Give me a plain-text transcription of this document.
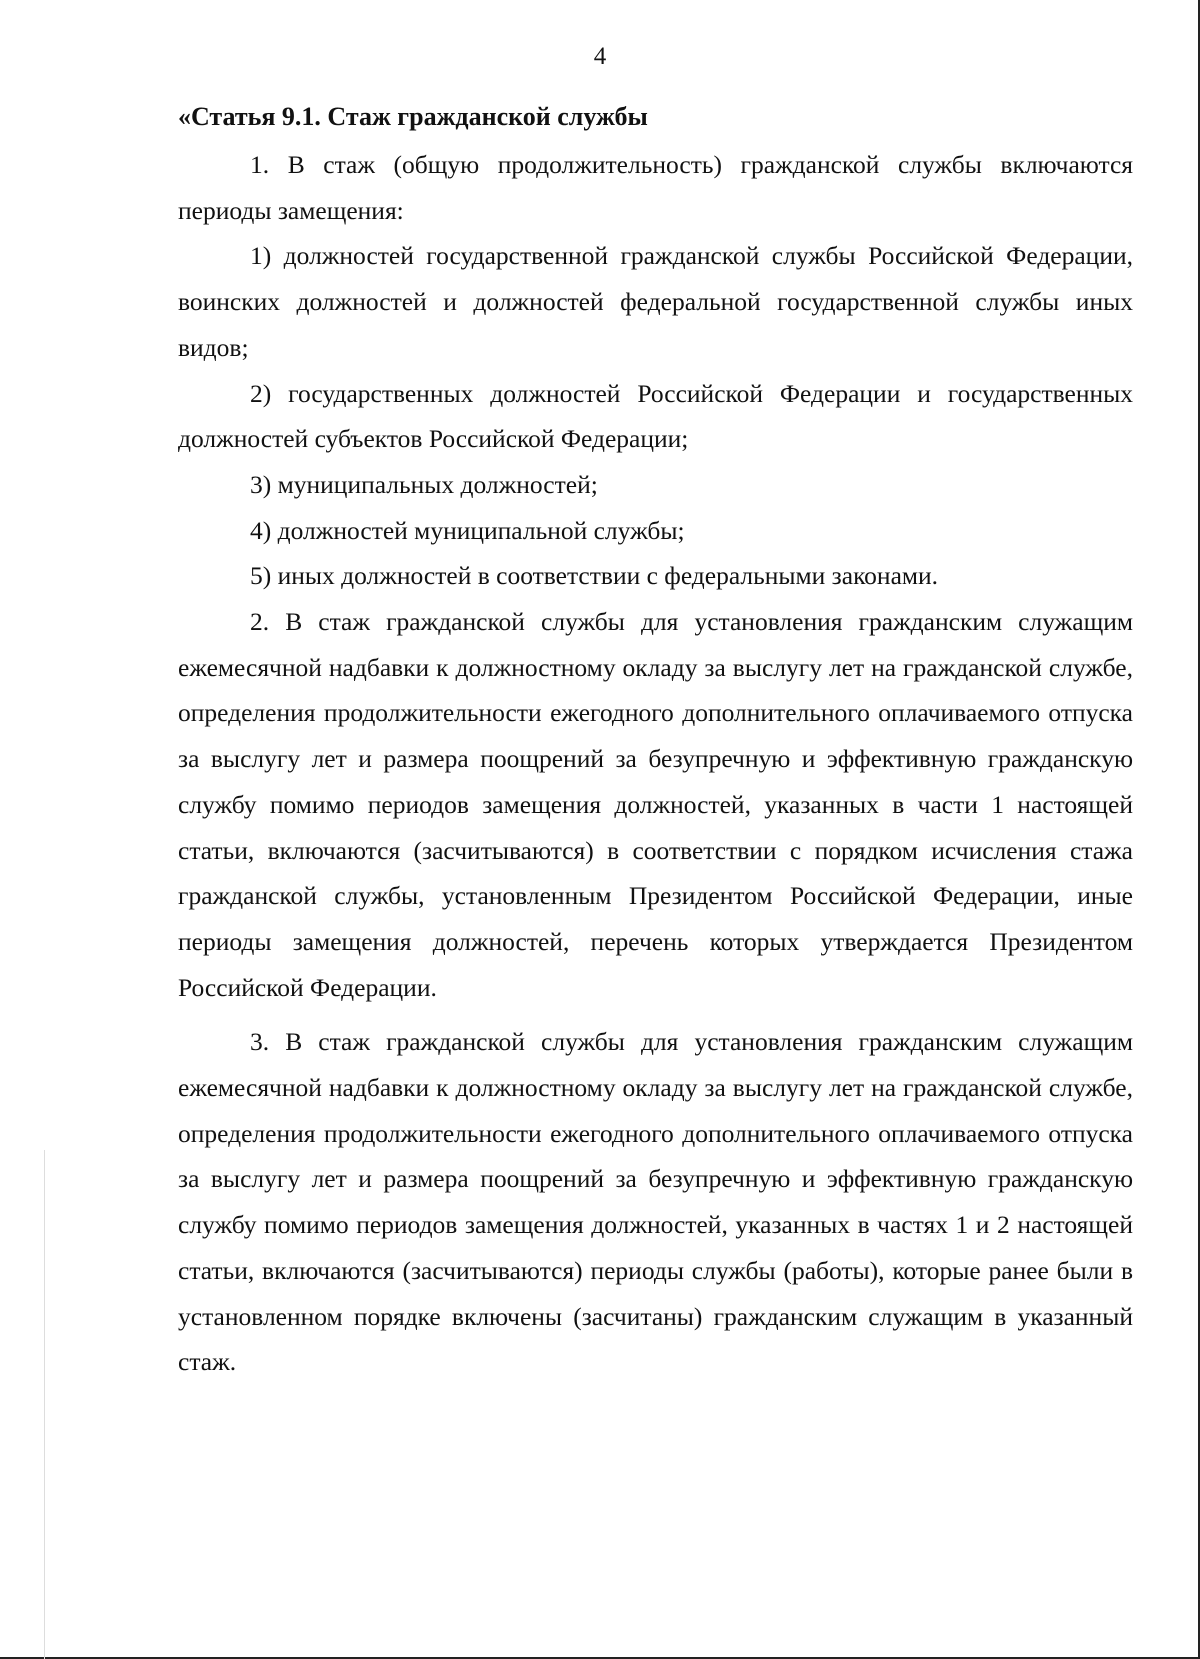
4

«Статья 9.1. Стаж гражданской службы

1. В стаж (общую продолжительность) гражданской службы включаются периоды замещения:

1) должностей государственной гражданской службы Российской Федерации, воинских должностей и должностей федеральной государственной службы иных видов;

2) государственных должностей Российской Федерации и государственных должностей субъектов Российской Федерации;

3) муниципальных должностей;

4) должностей муниципальной службы;

5) иных должностей в соответствии с федеральными законами.

2. В стаж гражданской службы для установления гражданским служащим ежемесячной надбавки к должностному окладу за выслугу лет на гражданской службе, определения продолжительности ежегодного дополнительного оплачиваемого отпуска за выслугу лет и размера поощрений за безупречную и эффективную гражданскую службу помимо периодов замещения должностей, указанных в части 1 настоящей статьи, включаются (засчитываются) в соответствии с порядком исчисления стажа гражданской службы, установленным Президентом Российской Федерации, иные периоды замещения должностей, перечень которых утверждается Президентом Российской Федерации.

3. В стаж гражданской службы для установления гражданским служащим ежемесячной надбавки к должностному окладу за выслугу лет на гражданской службе, определения продолжительности ежегодного дополнительного оплачиваемого отпуска за выслугу лет и размера поощрений за безупречную и эффективную гражданскую службу помимо периодов замещения должностей, указанных в частях 1 и 2 настоящей статьи, включаются (засчитываются) периоды службы (работы), которые ранее были в установленном порядке включены (засчитаны) гражданским служащим в указанный стаж.
